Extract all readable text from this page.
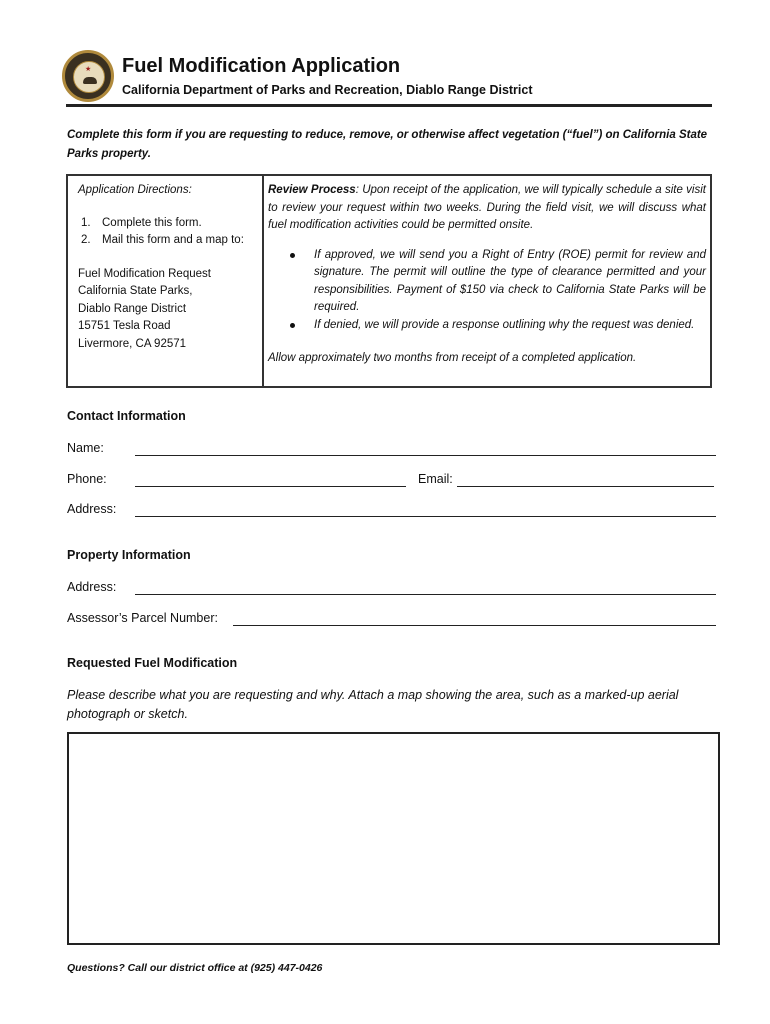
★ Fuel Modification Application
California Department of Parks and Recreation, Diablo Range District
Complete this form if you are requesting to reduce, remove, or otherwise affect vegetation (“fuel”) on California State Parks property.
Application Directions:
1. Complete this form.
2. Mail this form and a map to:
Fuel Modification Request
California State Parks,
Diablo Range District
15751 Tesla Road
Livermore, CA 92571
Review Process: Upon receipt of the application, we will typically schedule a site visit to review your request within two weeks. During the field visit, we will discuss what fuel modification activities could be permitted onsite.
If approved, we will send you a Right of Entry (ROE) permit for review and signature. The permit will outline the type of clearance permitted and your responsibilities. Payment of $150 via check to California State Parks will be required.
If denied, we will provide a response outlining why the request was denied.
Allow approximately two months from receipt of a completed application.
Contact Information
Name:
Phone:	Email:
Address:
Property Information
Address:
Assessor’s Parcel Number:
Requested Fuel Modification
Please describe what you are requesting and why. Attach a map showing the area, such as a marked-up aerial photograph or sketch.
Questions? Call our district office at (925) 447-0426
